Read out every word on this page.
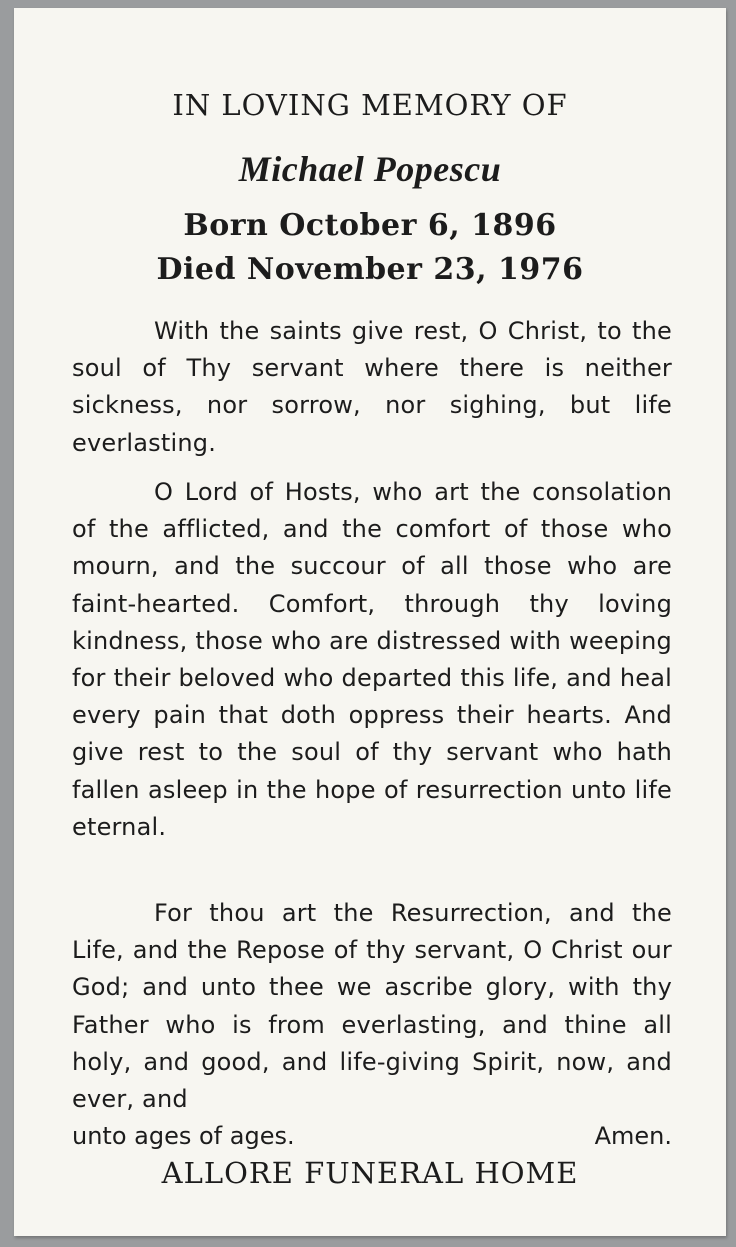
IN LOVING MEMORY OF
Michael Popescu
Born October 6, 1896
Died November 23, 1976

With the saints give rest, O Christ, to the soul of Thy servant where there is neither sickness, nor sorrow, nor sighing, but life everlasting.

O Lord of Hosts, who art the consolation of the afflicted, and the comfort of those who mourn, and the succour of all those who are faint-hearted. Comfort, through thy loving kindness, those who are distressed with weeping for their beloved who departed this life, and heal every pain that doth oppress their hearts. And give rest to the soul of thy servant who hath fallen asleep in the hope of resurrection unto life eternal.

For thou art the Resurrection, and the Life, and the Repose of thy servant, O Christ our God; and unto thee we ascribe glory, with thy Father who is from everlasting, and thine all holy, and good, and life-giving Spirit, now, and ever, and

unto ages of ages.	Amen.
ALLORE FUNERAL HOME
